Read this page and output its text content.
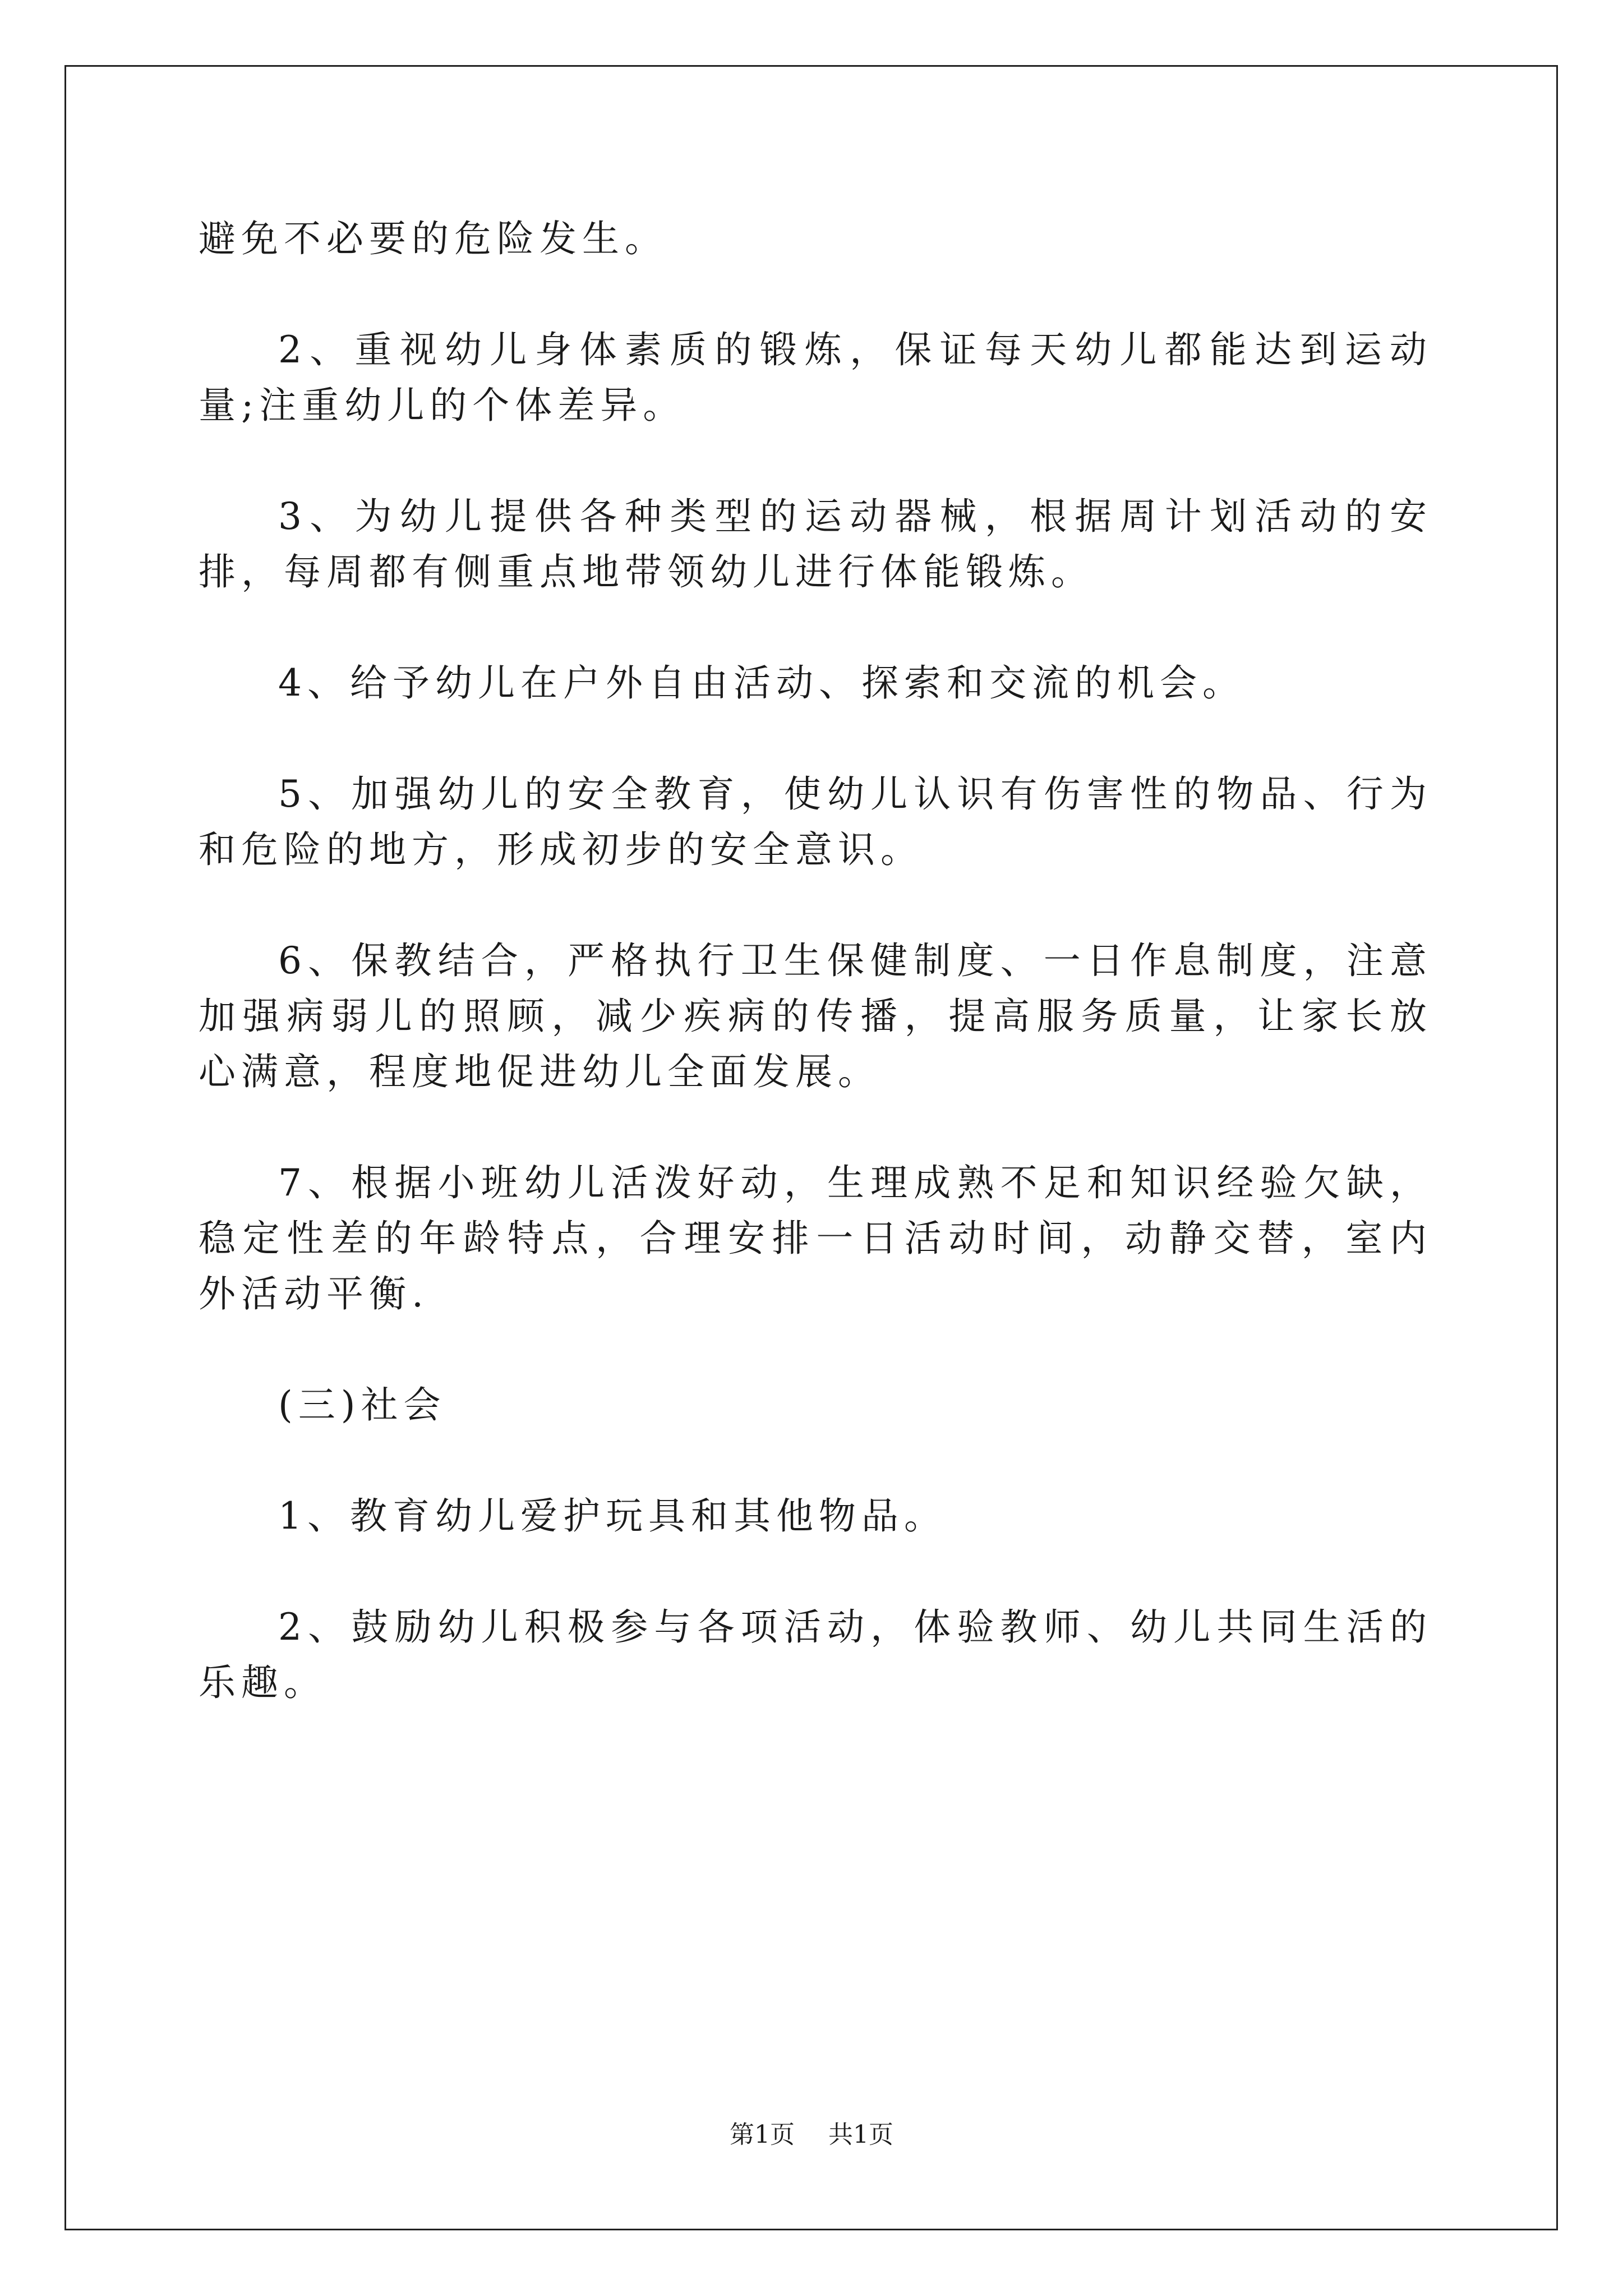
避免不必要的危险发生。

2、重视幼儿身体素质的锻炼，保证每天幼儿都能达到运动量;注重幼儿的个体差异。

3、为幼儿提供各种类型的运动器械，根据周计划活动的安排，每周都有侧重点地带领幼儿进行体能锻炼。

4、给予幼儿在户外自由活动、探索和交流的机会。

5、加强幼儿的安全教育，使幼儿认识有伤害性的物品、行为和危险的地方，形成初步的安全意识。

6、保教结合，严格执行卫生保健制度、一日作息制度，注意加强病弱儿的照顾，减少疾病的传播，提高服务质量，让家长放心满意，程度地促进幼儿全面发展。

7、根据小班幼儿活泼好动，生理成熟不足和知识经验欠缺，稳定性差的年龄特点，合理安排一日活动时间，动静交替，室内外活动平衡.

(三)社会

1、教育幼儿爱护玩具和其他物品。

2、鼓励幼儿积极参与各项活动，体验教师、幼儿共同生活的乐趣。

第1页 共1页
